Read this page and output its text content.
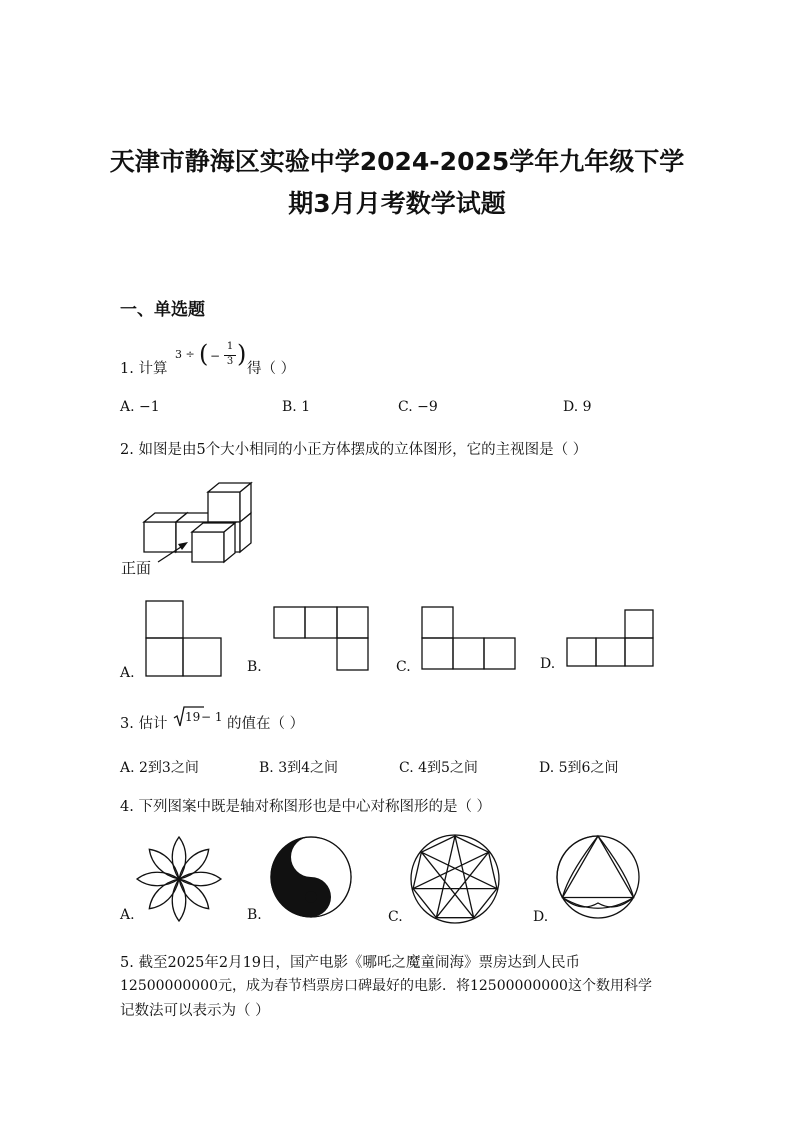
天津市静海区实验中学2024-2025学年九年级下学
期3月月考数学试题
一、单选题
1. 计算
3 ÷ ( −
1
3 )
得（ ）
A. −1	B. 1	C. −9	D. 9
2. 如图是由5个大小相同的小正方体摆成的立体图形，它的主视图是（ ）
正面
A.	B.	C.	D.
3. 估计 19 − 1 的值在（ ）
A. 2到3之间	B. 3到4之间	C. 4到5之间	D. 5到6之间
4. 下列图案中既是轴对称图形也是中心对称图形的是（ ）
A.	B.	C.	D.
5. 截至2025年2月19日，国产电影《哪吒之魔童闹海》票房达到人民币
12500000000元，成为春节档票房口碑最好的电影．将12500000000这个数用科学
记数法可以表示为（ ）
